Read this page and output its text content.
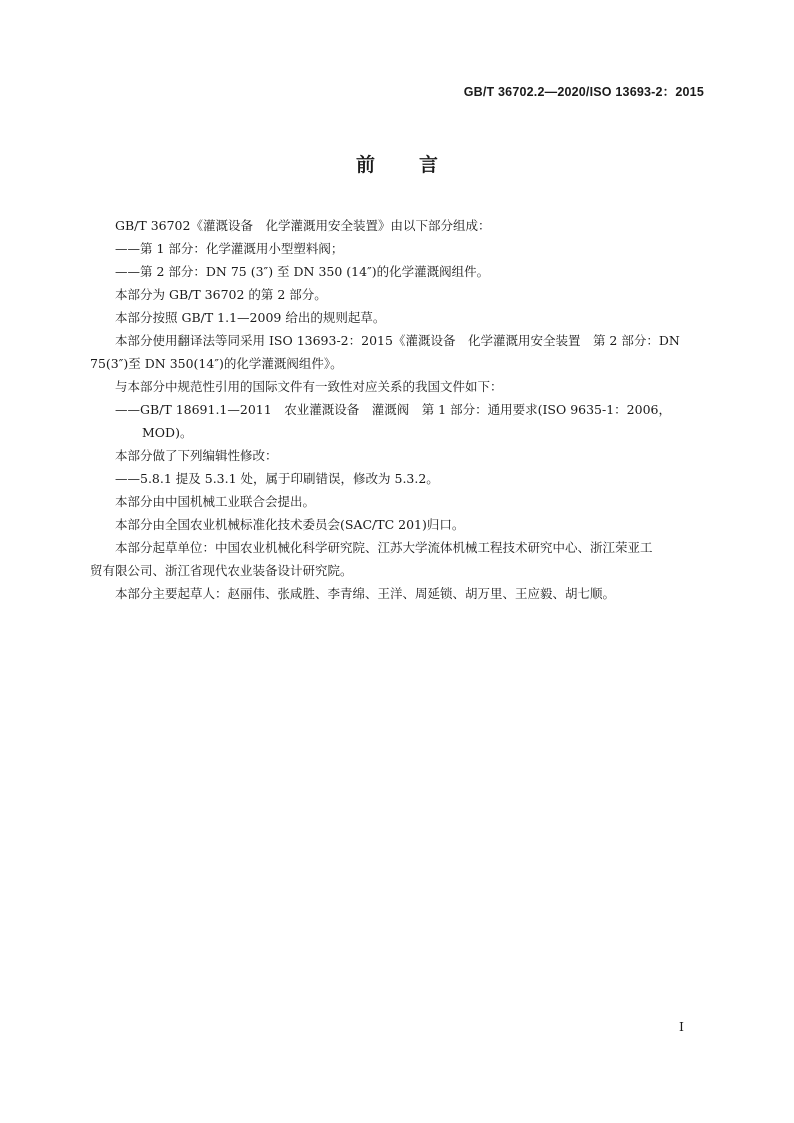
GB/T 36702.2—2020/ISO 13693-2：2015
前言

GB/T 36702《灌溉设备　化学灌溉用安全装置》由以下部分组成：

——第 1 部分：化学灌溉用小型塑料阀；

——第 2 部分：DN 75 (3″) 至 DN 350 (14″)的化学灌溉阀组件。

本部分为 GB/T 36702 的第 2 部分。

本部分按照 GB/T 1.1—2009 给出的规则起草。

本部分使用翻译法等同采用 ISO 13693-2：2015《灌溉设备　化学灌溉用安全装置　第 2 部分：DN
75(3″)至 DN 350(14″)的化学灌溉阀组件》。

与本部分中规范性引用的国际文件有一致性对应关系的我国文件如下：

——GB/T 18691.1—2011　农业灌溉设备　灌溉阀　第 1 部分：通用要求(ISO 9635-1：2006，
MOD)。

本部分做了下列编辑性修改：

——5.8.1 提及 5.3.1 处，属于印刷错误，修改为 5.3.2。

本部分由中国机械工业联合会提出。

本部分由全国农业机械标准化技术委员会(SAC/TC 201)归口。

本部分起草单位：中国农业机械化科学研究院、江苏大学流体机械工程技术研究中心、浙江荣亚工
贸有限公司、浙江省现代农业装备设计研究院。

本部分主要起草人：赵丽伟、张咸胜、李青绵、王洋、周延锁、胡万里、王应毅、胡七顺。

I
